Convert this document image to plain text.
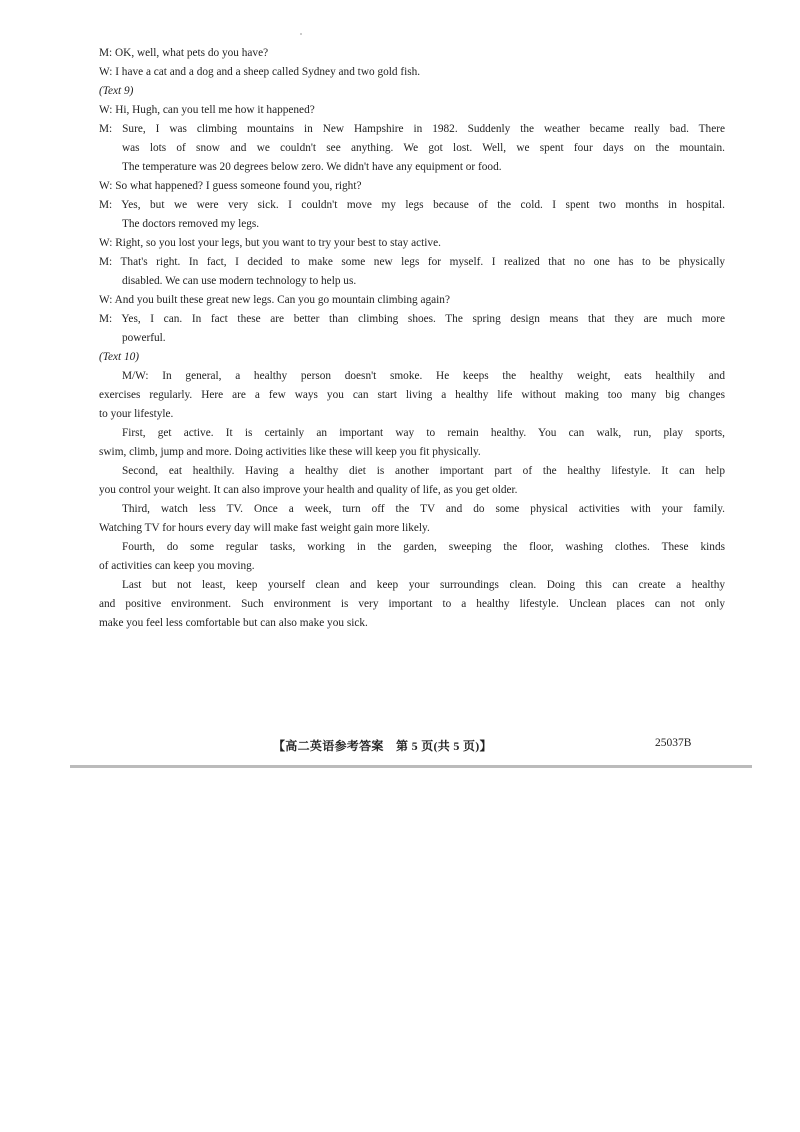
M: OK, well, what pets do you have?
W: I have a cat and a dog and a sheep called Sydney and two gold fish.
(Text 9)
W: Hi, Hugh, can you tell me how it happened?
M: Sure, I was climbing mountains in New Hampshire in 1982. Suddenly the weather became really bad. There
was lots of snow and we couldn't see anything. We got lost. Well, we spent four days on the mountain.
The temperature was 20 degrees below zero. We didn't have any equipment or food.
W: So what happened? I guess someone found you, right?
M: Yes, but we were very sick. I couldn't move my legs because of the cold. I spent two months in hospital.
The doctors removed my legs.
W: Right, so you lost your legs, but you want to try your best to stay active.
M: That's right. In fact, I decided to make some new legs for myself. I realized that no one has to be physically
disabled. We can use modern technology to help us.
W: And you built these great new legs. Can you go mountain climbing again?
M: Yes, I can. In fact these are better than climbing shoes. The spring design means that they are much more
powerful.
(Text 10)
M/W: In general, a healthy person doesn't smoke. He keeps the healthy weight, eats healthily and
exercises regularly. Here are a few ways you can start living a healthy life without making too many big changes
to your lifestyle.
First, get active. It is certainly an important way to remain healthy. You can walk, run, play sports,
swim, climb, jump and more. Doing activities like these will keep you fit physically.
Second, eat healthily. Having a healthy diet is another important part of the healthy lifestyle. It can help
you control your weight. It can also improve your health and quality of life, as you get older.
Third, watch less TV. Once a week, turn off the TV and do some physical activities with your family.
Watching TV for hours every day will make fast weight gain more likely.
Fourth, do some regular tasks, working in the garden, sweeping the floor, washing clothes. These kinds
of activities can keep you moving.
Last but not least, keep yourself clean and keep your surroundings clean. Doing this can create a healthy
and positive environment. Such environment is very important to a healthy lifestyle. Unclean places can not only
make you feel less comfortable but can also make you sick.
【高二英语参考答案　第 5 页(共 5 页)】	25037B
